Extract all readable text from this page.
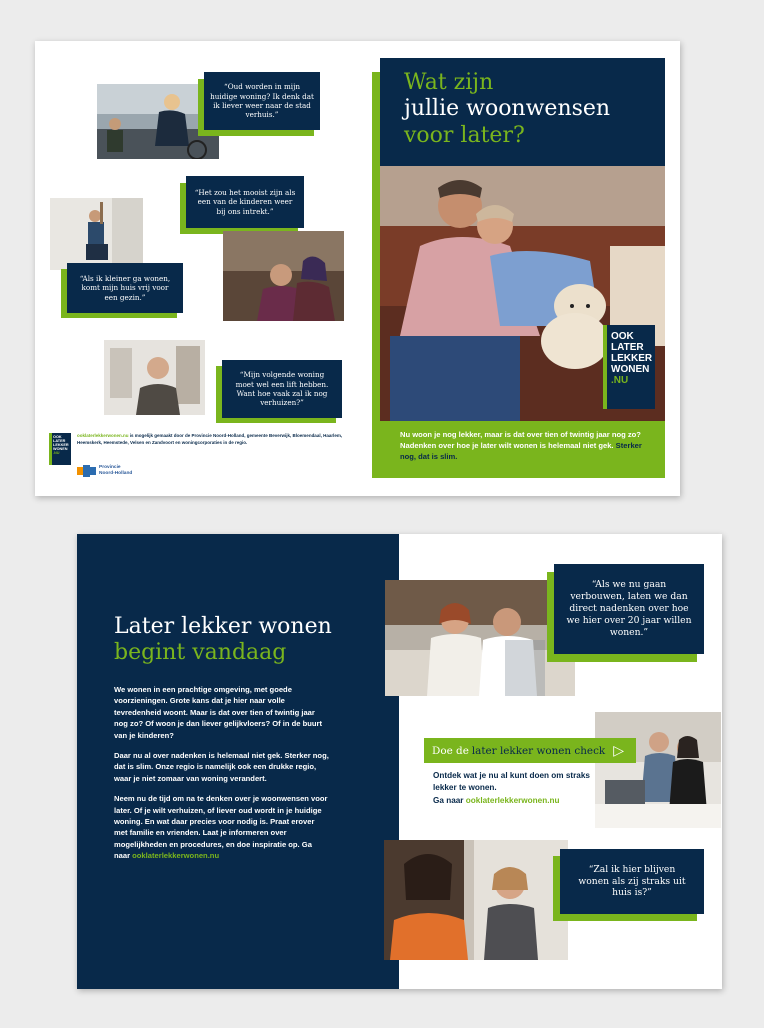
“Oud worden in mijn huidige woning? Ik denk dat ik liever weer naar de stad verhuis.”
“Het zou het mooist zijn als een van de kinderen weer bij ons intrekt.”
“Als ik kleiner ga wonen, komt mijn huis vrij voor een gezin.”
“Mijn volgende woning moet wel een lift hebben. Want hoe vaak zal ik nog verhuizen?”
OOK
LATER
LEKKER
WONEN
.NU
ooklaterlekkerwonen.nu is mogelijk gemaakt door de Provincie Noord-Holland, gemeente Beverwijk, Bloemendaal, Haarlem, Heemskerk, Heemstede, Velsen en Zandvoort en woningcorporaties in de regio.
Provincie
Noord-Holland
Wat zijn
jullie woonwensen
voor later?
OOK
LATER
LEKKER
WONEN
.NU
Nu woon je nog lekker, maar is dat over tien of twintig jaar nog zo? Nadenken over hoe je later wilt wonen is helemaal niet gek. Sterker nog, dat is slim.
Later lekker wonen
begint vandaag

We wonen in een prachtige omgeving, met goede voorzieningen. Grote kans dat je hier naar volle tevredenheid woont. Maar is dat over tien of twintig jaar nog zo? Of woon je dan liever gelijkvloers? Of in de buurt van je kinderen?

Daar nu al over nadenken is helemaal niet gek. Sterker nog, dat is slim. Onze regio is namelijk ook een drukke regio, waar je niet zomaar van woning verandert.

Neem nu de tijd om na te denken over je woonwensen voor later. Of je wilt verhuizen, of liever oud wordt in je huidige woning. En wat daar precies voor nodig is. Praat erover met familie en vrienden. Laat je informeren over mogelijkheden en procedures, en doe inspiratie op. Ga naar ooklaterlekkerwonen.nu

“Als we nu gaan verbouwen, laten we dan direct nadenken over hoe we hier over 20 jaar willen wonen.”
Doe de later lekker wonen check ▷
Ontdek wat je nu al kunt doen om straks lekker te wonen.
Ga naar ooklaterlekkerwonen.nu
“Zal ik hier blijven wonen als zij straks uit huis is?”
